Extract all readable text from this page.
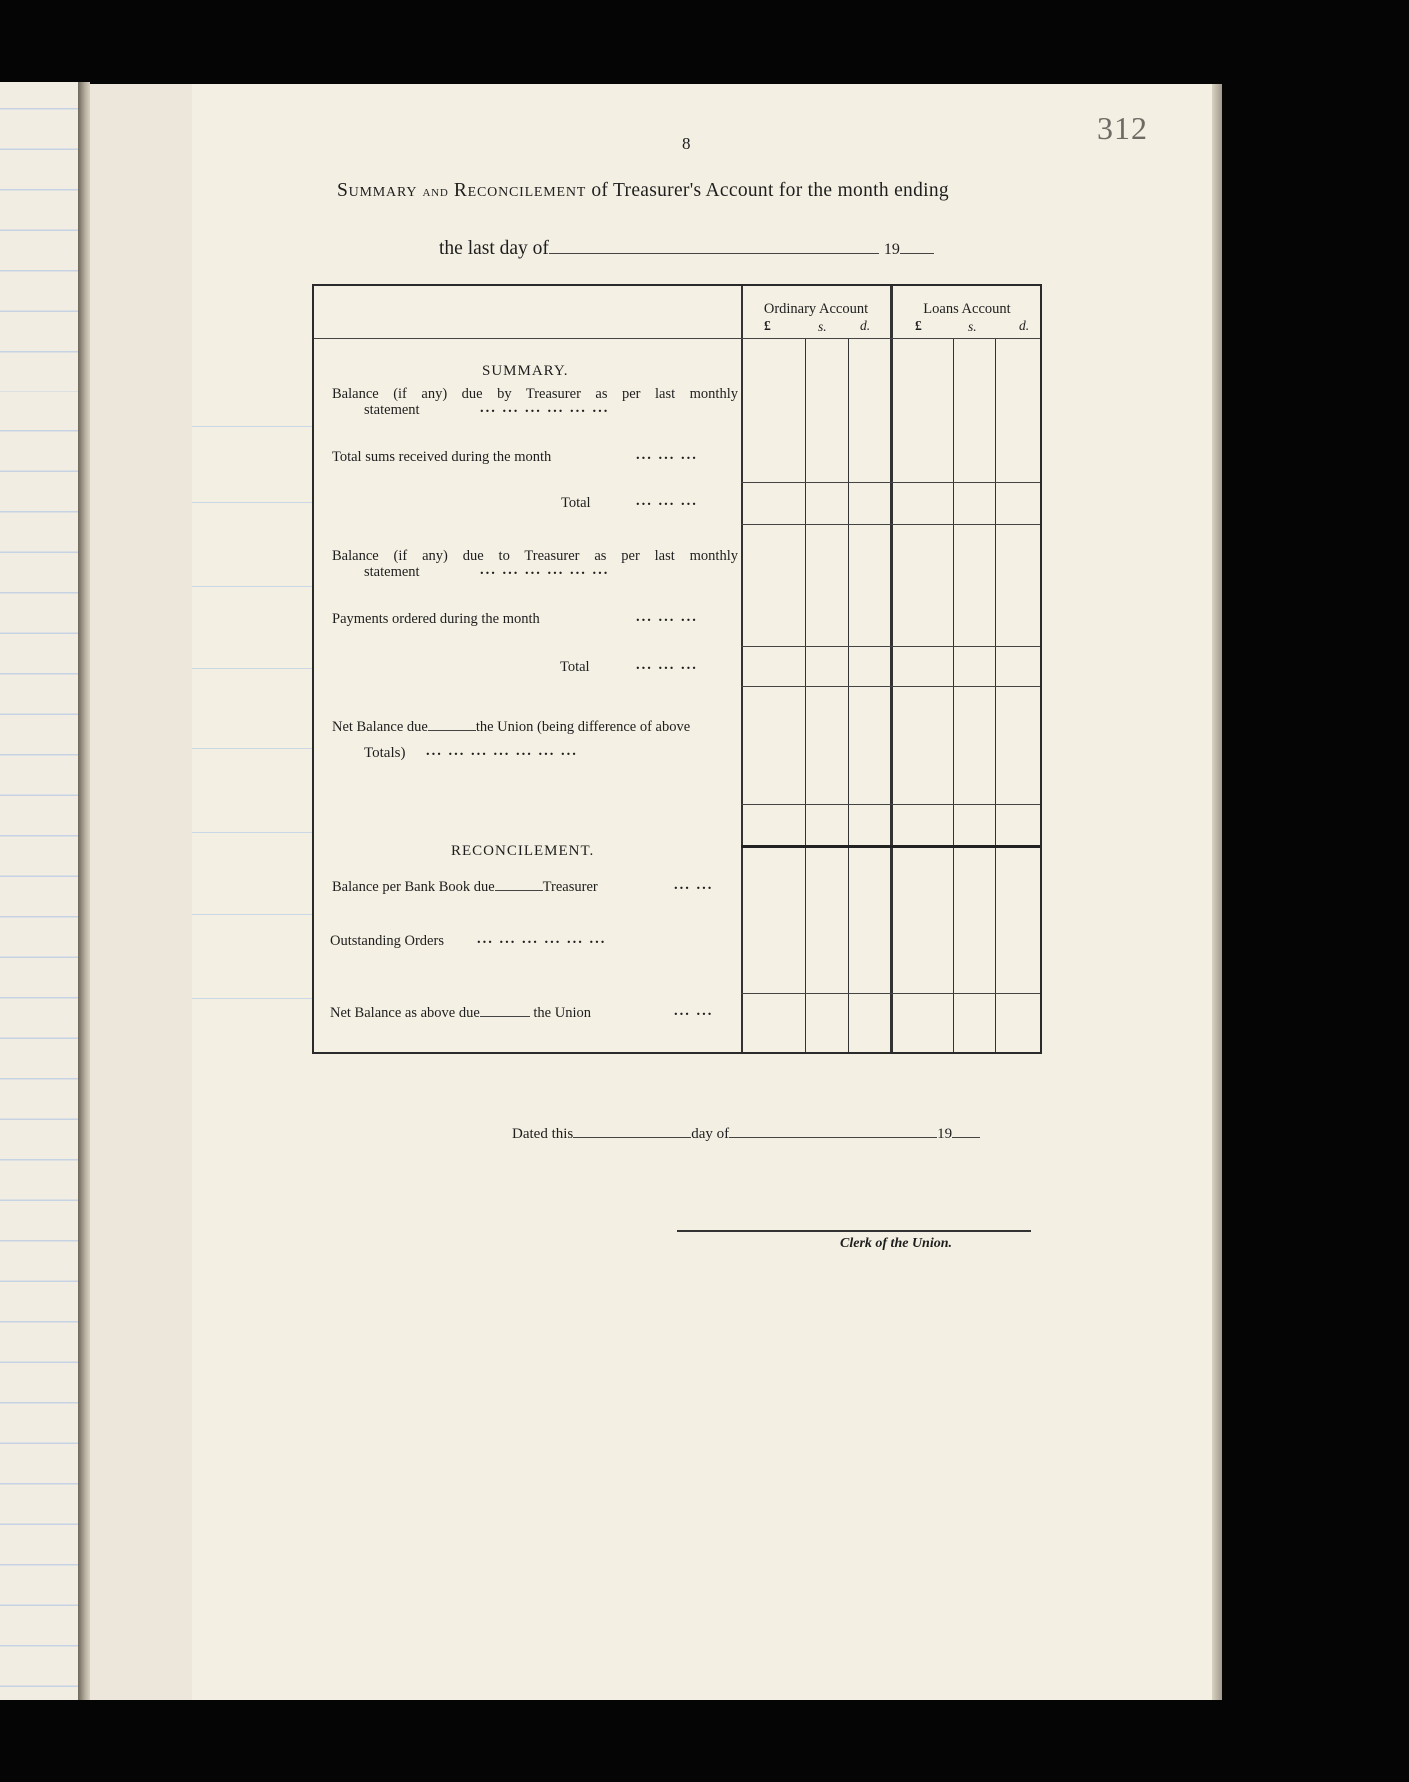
312
8
Summary and Reconcilement of Treasurer's Account for the month ending
the last day of	19
Ordinary Account	Loans Account
£	s. d.	£	s.	d.
SUMMARY.
Balance (if any) due by Treasurer as per last monthly
statement	... ... ... ... ... ...
Total sums received during the month	... ... ...
Total	... ... ...
Balance (if any) due to Treasurer as per last monthly
statement	... ... ... ... ... ...
Payments ordered during the month	... ... ...
Total	... ... ...
Net Balance due	the Union (being difference of above
Totals) ... ... ... ... ... ... ...
RECONCILEMENT.
Balance per Bank Book due	Treasurer	... ...
Outstanding Orders ... ... ... ... ... ...
Net Balance as above due	the Union	... ...
Dated this	day of	19
Clerk of the Union.
